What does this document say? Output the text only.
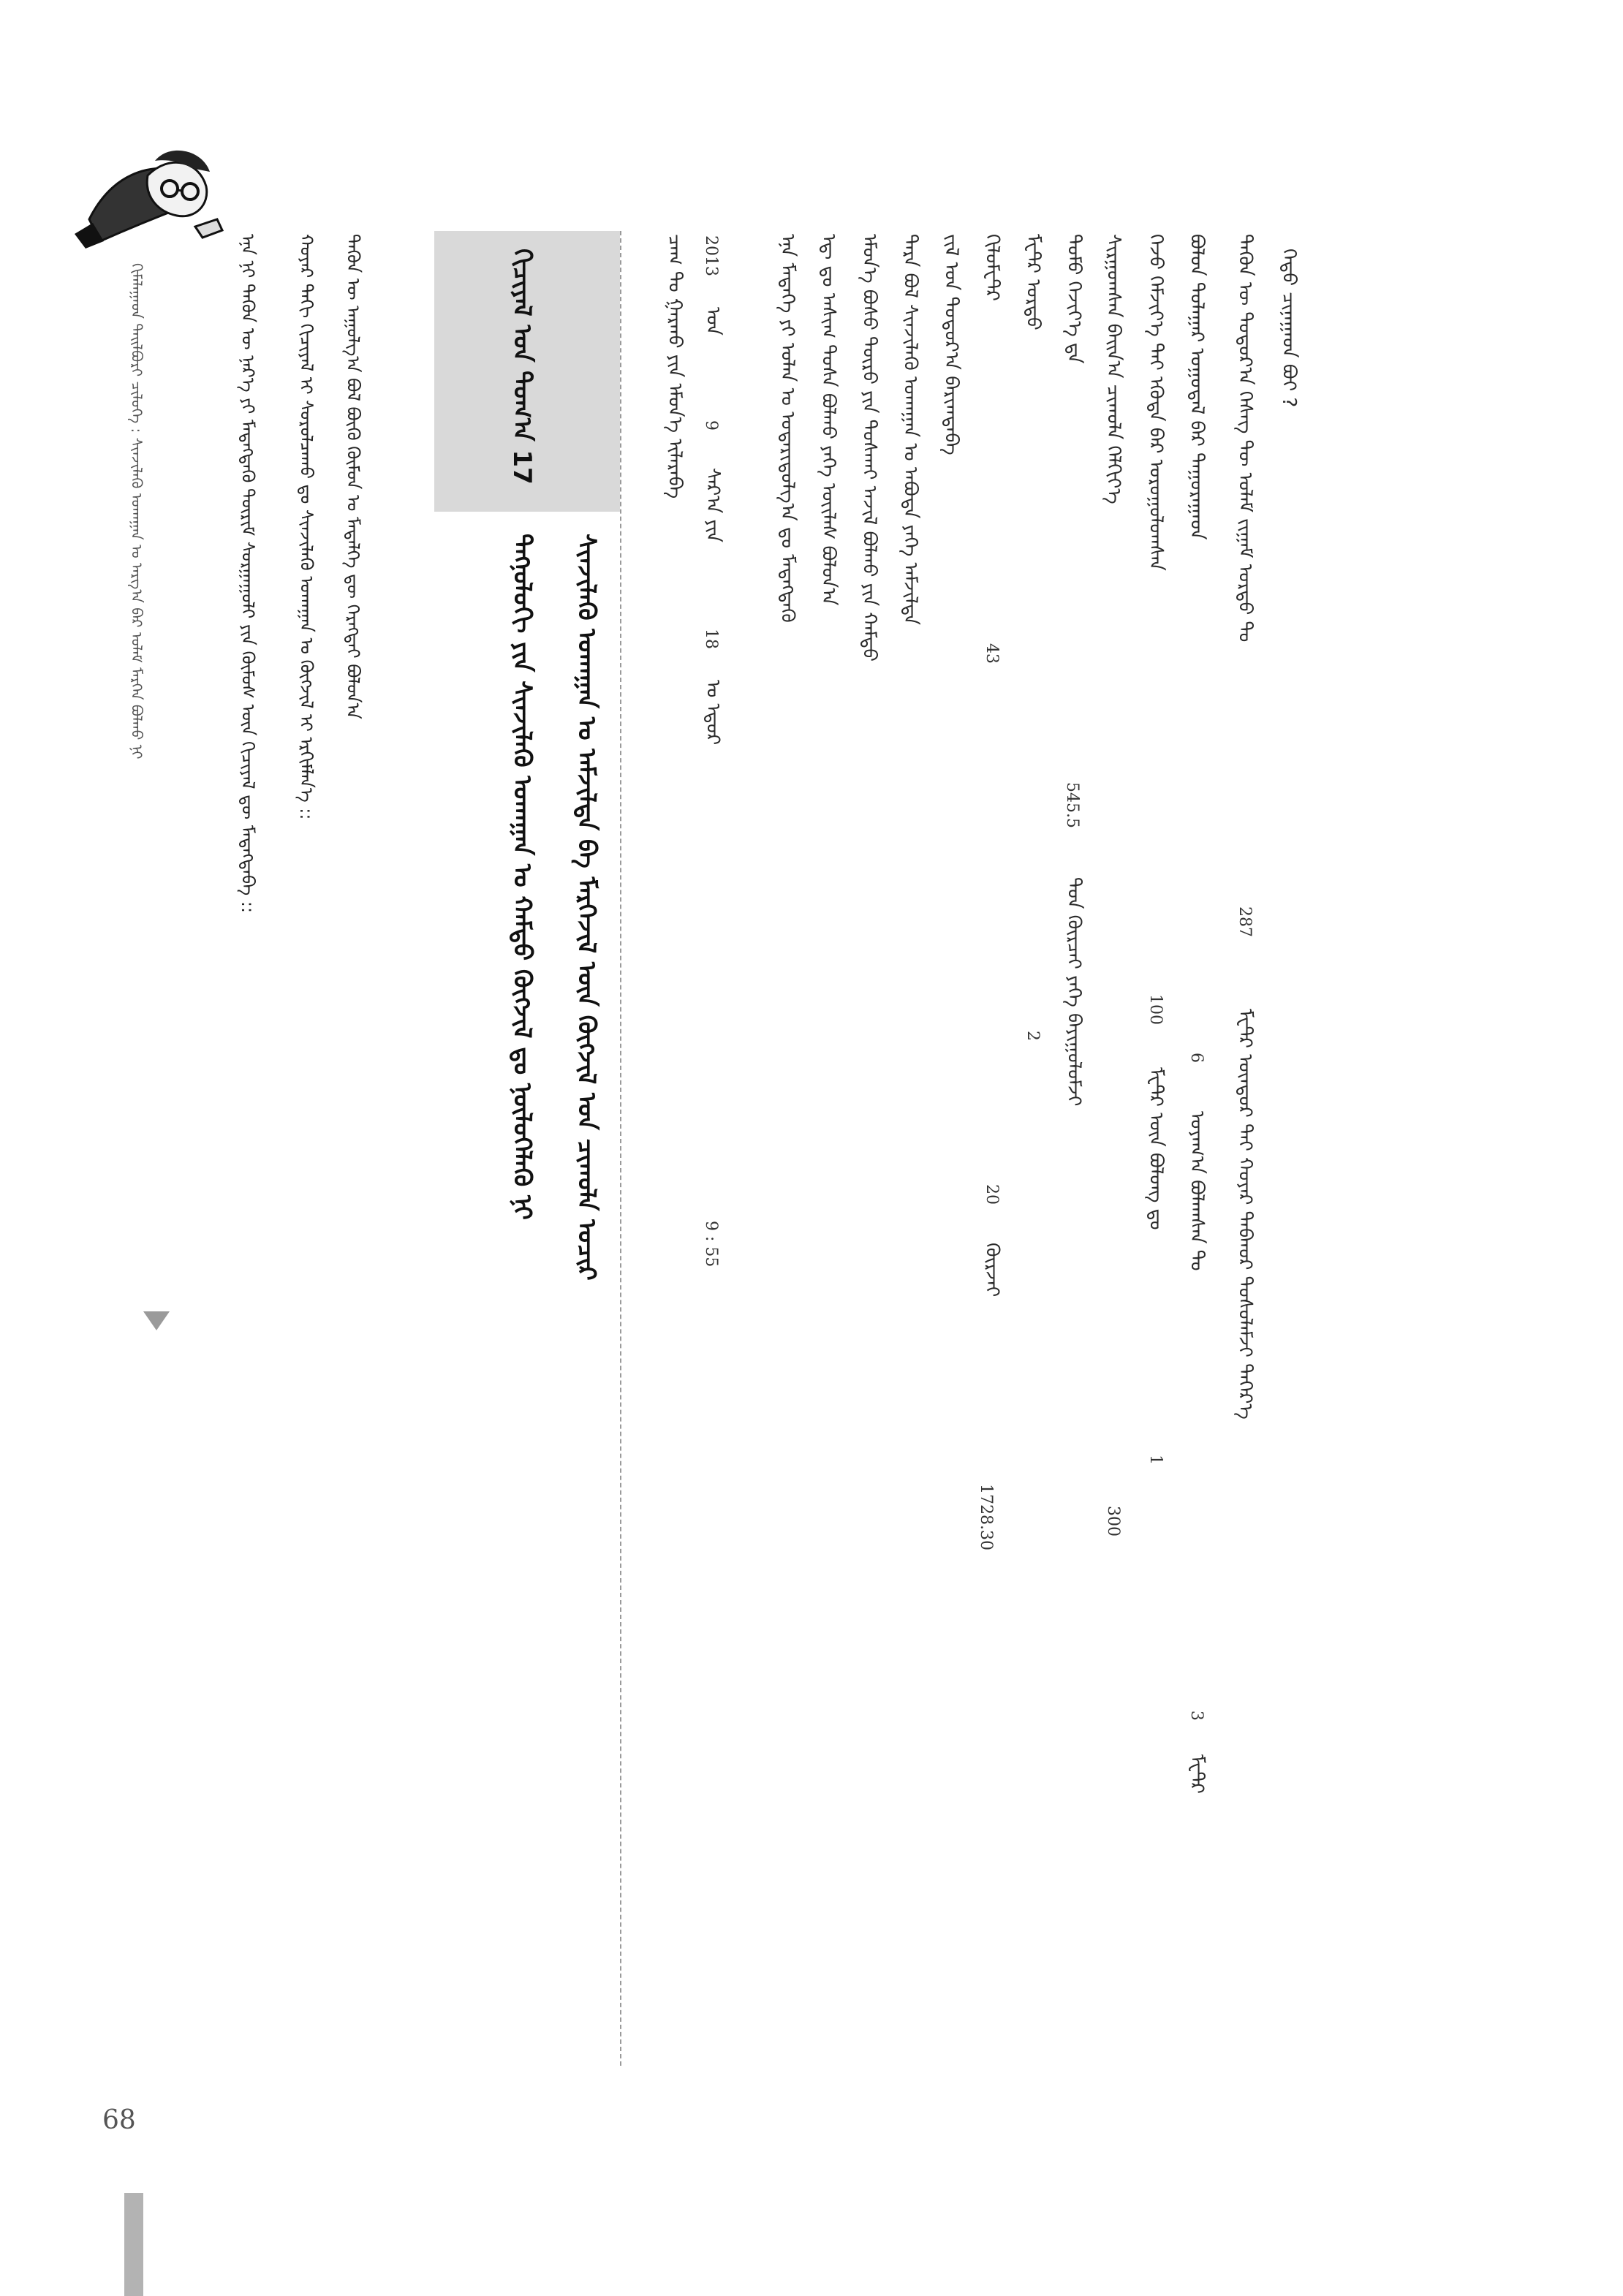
ᠬᠢᠮᠠᠯᠠᠭᠠᠳ ᠲᠠᠢᠯᠪᠤᠷᠢ ᠴᠢᠯᠦᠭᠡ : ᠰᠢᠨᠵᠢᠯᠡᠬᠦ ᠤᠬᠠᠭᠠᠨ ᠤ ᠠᠷᠭ᠎ᠠ ᠪᠠᠷ ᠤᠯᠠᠮ ᠮᠡᠷᠭᠡᠨ ᠪᠣᠯᠬᠤ ᠨᠢ	ᠡᠨᠡ ᠨᠢ ᠲᠡᠭᠦᠨ ᠦ ᠨᠡᠷ᠎ᠡ ᠶᠢ ᠮᠡᠳᠡᠭᠳᠡᠬᠦ ᠳᠦᠷᠢᠮ ᠰᠤᠷᠭᠠᠭᠤᠯᠢ ᠶᠢᠨ ᠬᠦᠮᠦᠰ ᠦᠨ ᠬᠢᠴᠢᠶᠡᠯ ᠳᠦ ᠮᠡᠳᠡᠭᠳᠡᠪᠡ :: ᠬᠣᠶᠠᠷ ᠳᠠᠬᠢ ᠬᠢᠴᠢᠶᠡᠯ ᠢ ᠰᠤᠷᠤᠯᠴᠠᠬᠤ ᠳᠤ ᠰᠢᠨᠵᠢᠯᠡᠬᠦ ᠤᠬᠠᠭᠠᠨ ᠤ ᠬᠥᠭᠵᠢᠯ ᠢ ᠡᠷᠬᠢᠮᠯᠡᠨ᠎ᠡ :: ᠲᠡᠭᠦᠨ ᠦ ᠠᠭᠤᠯᠭ᠎ᠠ ᠪᠣᠯ ᠪᠦᠬᠦ ᠬᠦᠮᠦᠨ ᠤ ᠮᠡᠳᠡᠯᠭᠡ ᠳᠦ ᠬᠡᠷᠡᠭᠲᠡᠢ ᠪᠣᠯᠤᠨ᠎ᠠ	ᠬᠢᠴᠢᠶᠡᠯ ᠤᠨ ᠲᠣᠭ᠎ᠠ 17
ᠰᠢᠨᠵᠢᠯᠡᠬᠦ ᠤᠬᠠᠭᠠᠨ ᠤ ᠠᠮᠵᠢᠯᠲᠠ ᠪᠠ ᠮᠡᠷᠭᠡᠵᠢᠯ ᠦᠨ ᠬᠥᠭᠵᠢᠯ ᠤᠨ ᠴᠢᠬᠤᠯᠠ ᠤᠴᠢᠷ
ᠲᠡᠬᠨᠣᠯᠣᠭᠢ ᠶᠢᠨ ᠰᠢᠨᠵᠢᠯᠡᠬᠦ ᠤᠬᠠᠭᠠᠨ ᠤ ᠬᠠᠮᠲᠤ ᠬᠥᠭᠵᠢᠯ ᠳᠤ ᠨᠥᠯᠦᠭᠡᠯᠡᠬᠦ ᠨᠢ
ᠬᠡᠳᠦ ᠴᠢᠨᠠᠭᠠᠳ ᠪᠤᠢ ?
ᠲᠡᠭᠦᠨ ᠦ ᠳᠣᠲᠣᠷ᠎ᠠ ᠬᠡᠰᠡᠭ ᠲᠦ ᠤᠯᠠᠮ ᠵᠢᠭᠠᠮ ᠤᠷᠲᠤ ᠲᠤ
287
ᠮᠧᠲ᠋ᠷ ᠦᠨᠳᠦᠷ ᠲᠠᠢ ᠬᠣᠶᠠᠷ ᠳᠠᠪᠬᠤᠷ ᠲᠤᠰᠤᠯᠠᠮᠵᠢ ᠳᠡᠭᠡᠷ᠎ᠡ
ᠪᠣᠯᠤᠨ ᠲᠤᠯᠠᠭᠠᠷ ᠤᠭᠤᠲᠠᠯ ᠪᠠᠷ ᠲᠠᠭᠤᠷᠠᠭᠠᠳ
6
ᠤᠶᠠᠭ᠎ᠠ ᠪᠣᠯᠠᠭᠰᠠᠨ ᠲᠤ
3
ᠮᠧᠲ᠋ᠷ
ᠭᠡᠵᠦ ᠬᠡᠮᠵᠢᠶ᠎ᠡ ᠲᠡᠢ ᠡᠭᠦᠳᠡ ᠪᠠᠷ ᠤᠷᠤᠭᠤᠯᠤᠭᠰᠠᠨ
100
ᠮᠧᠲ᠋ᠷ ᠦᠨ ᠪᠤᠯᠤᠩ ᠳᠤ
1
ᠰᠢᠷᠭᠤᠭᠰᠠᠨ ᠪᠠᠢᠨ᠎ᠠ ᠴᠢᠬᠤᠯᠠ ᠬᠡᠯᠬᠢᠶ᠎ᠡ
300
ᠲᠤᠮᠤ ᠬᠡᠵᠢᠶ᠎ᠡ ᠳᠡ
545.5
ᠲᠣᠨ ᠬᠦᠷᠴᠡᠢ ᠶᠡᠬᠡ ᠪᠠᠶᠢᠭᠤᠯᠤᠮᠵᠢ
1728.30
ᠮᠧᠲ᠋ᠷ ᠤᠷᠲᠤ
43
ᠬᠢᠯᠣᠮᠧᠲ᠋ᠷ
20
ᠬᠦᠷᠵᠡᠢ
2
ᠵᠢᠯ ᠤᠨ ᠳᠤᠲᠤᠷ᠎ᠠ ᠪᠠᠷᠢᠭᠳᠠᠪᠠ
ᠲᠡᠷᠡ ᠪᠣᠯ ᠰᠢᠨᠵᠢᠯᠡᠬᠦ ᠤᠬᠠᠭᠠᠨ ᠤ ᠠᠪᠤᠳᠠ ᠶᠡᠬᠡ ᠠᠮᠵᠢᠯᠲᠠ
ᠡᠮᠦᠨ᠎ᠡ ᠪᠤᠰᠤ ᠲᠦᠷᠦ ᠶᠢᠨ ᠲᠤᠰᠬᠠᠢ ᠠᠵᠢᠯ ᠪᠣᠯᠬᠤ ᠶᠢᠨ ᠬᠠᠮᠲᠤ
ᠡᠳ᠋ ᠳᠤ ᠠᠰᠢᠭ ᠲᠤᠰᠠ ᠪᠣᠯᠬᠤ ᠶᠡᠬᠡ ᠦᠢᠯᠡᠰ ᠪᠣᠯᠤᠨ᠎ᠠ
ᠡᠨᠡ ᠮᠡᠳᠡᠭᠡ ᠶᠢ ᠣᠯᠠᠨ ᠤ ᠤᠳᠠᠷᠢᠳᠤᠯᠭ᠎ᠠ ᠳᠤ ᠮᠡᠳᠡᠭᠳᠡᠬᠦ
2013
ᠤᠨ
9
ᠰᠠᠷ᠎ᠠ ᠶᠢᠨ
18
ᠤ ᠡᠳᠦᠷ
9 : 55
ᠴᠠᠭ ᠲᠤ ᠭᠠᠷᠬᠤ ᠶᠢᠨ ᠡᠮᠦᠨ᠎ᠡ ᠢᠯᠡᠷᠡᠪᠡ
68
